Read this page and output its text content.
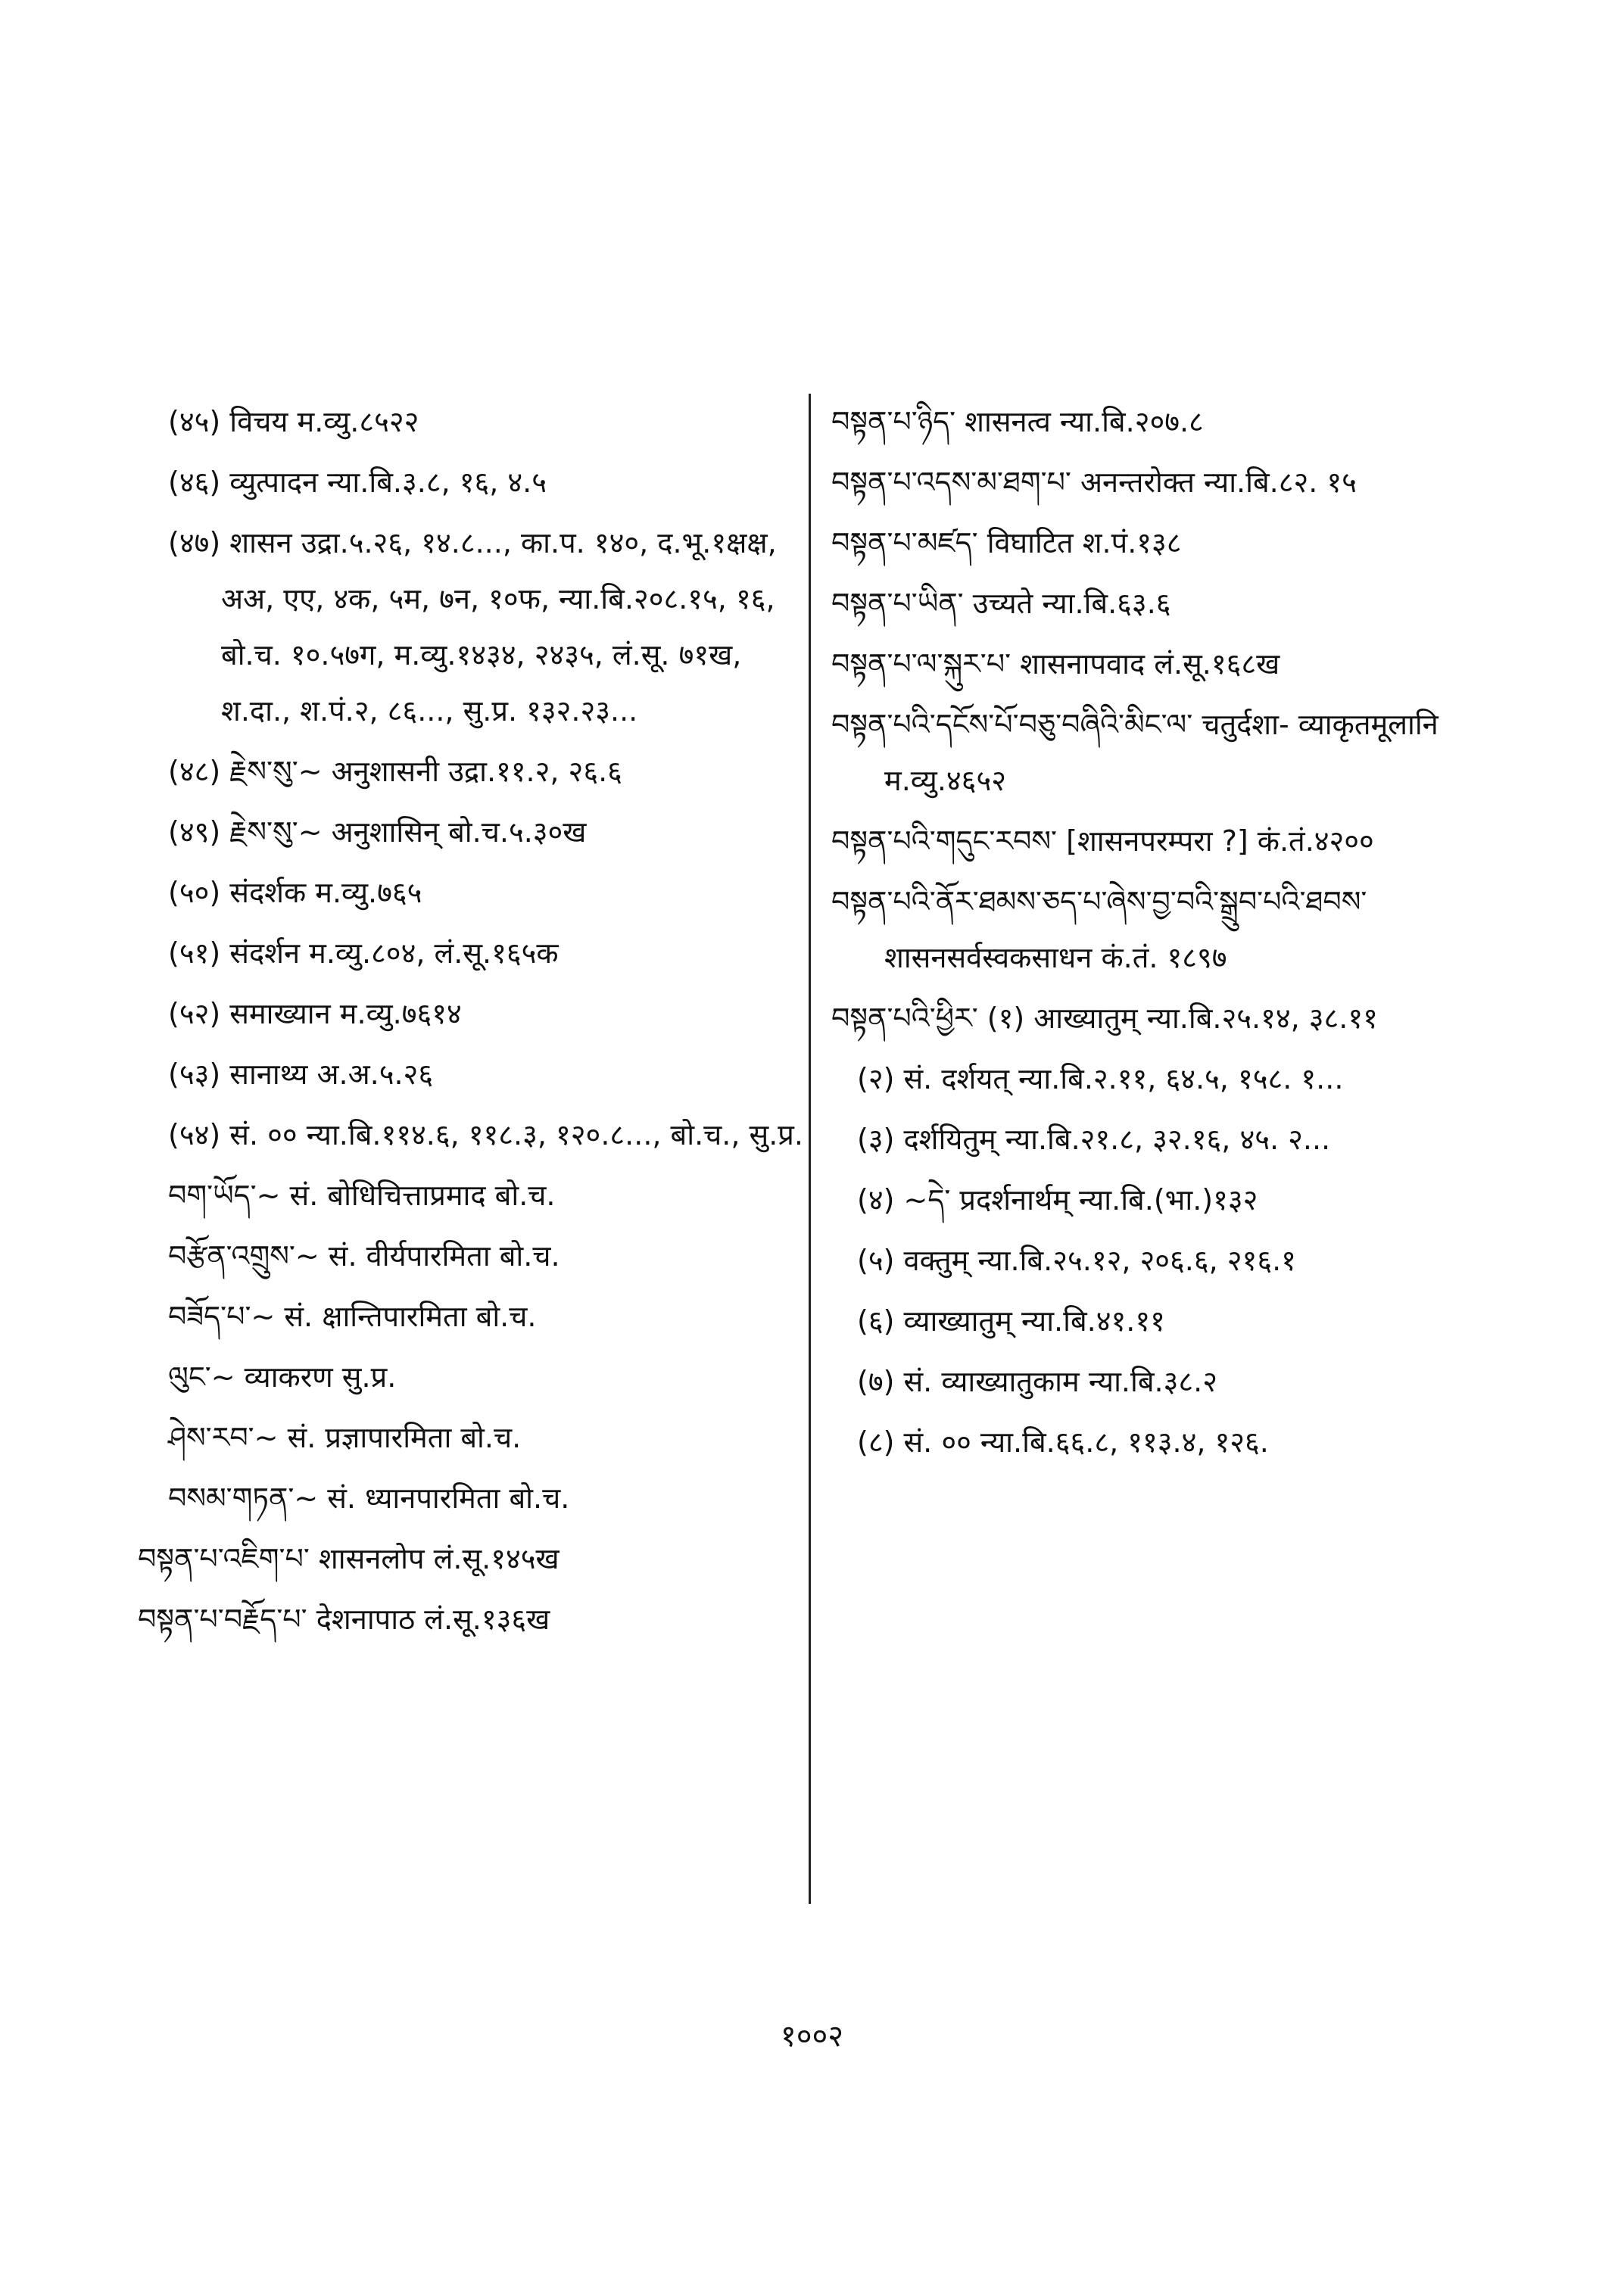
(४५) विचय म.व्यु.८५२२
(४६) व्युत्पादन न्या.बि.३.८, १६, ४.५
(४७) शासन उद्रा.५.२६, १४.८..., का.प. १४०, द.भू.१क्षक्ष, अअ, एए, ४क, ५म, ७न, १०फ, न्या.बि.२०८.१५, १६, बो.च. १०.५७ग, म.व्यु.१४३४, २४३५, लं.सू. ७१ख, श.दा., श.पं.२, ८६..., सु.प्र. १३२.२३...
(४८) རྗེས་སུ་~ अनुशासनी उद्रा.११.२, २६.६
(४९) རྗེས་སུ་~ अनुशासिन् बो.च.५.३०ख
(५०) संदर्शक म.व्यु.७६५
(५१) संदर्शन म.व्यु.८०४, लं.सू.१६५क
(५२) समाख्यान म.व्यु.७६१४
(५३) सानाथ्य अ.अ.५.२६
(५४) सं. ०० न्या.बि.११४.६, ११८.३, १२०.८..., बो.च., सु.प्र.
བག་ཡོད་~ सं. बोधिचित्ताप्रमाद बो.च.
བརྩོན་འགྲུས་~ सं. वीर्यपारमिता बो.च.
བཟོད་པ་~ सं. क्षान्तिपारमिता बो.च.
ལུང་~ व्याकरण सु.प्र.
ཤེས་རབ་~ सं. प्रज्ञापारमिता बो.च.
བསམ་གཏན་~ सं. ध्यानपारमिता बो.च.
བསྟན་པ་འཇིག་པ་ शासनलोप लं.सू.१४५ख
བསྟན་པ་བརྗོད་པ་ देशनापाठ लं.सू.१३६ख
བསྟན་པ་ཉིད་ शासनत्व न्या.बि.२०७.८
བསྟན་པ་འདས་མ་ཐག་པ་ अनन्तरोक्त न्या.बि.८२. १५
བསྟན་པ་མཛད་ विघाटित श.पं.१३८
བསྟན་པ་ཡིན་ उच्यते न्या.बि.६३.६
བསྟན་པ་ལ་སྐུར་པ་ शासनापवाद लं.सू.१६८ख
བསྟན་པའི་དངོས་པོ་བཅུ་བཞིའི་མིང་ལ་ चतुर्दशा- व्याकृतमूलानि म.व्यु.४६५२
བསྟན་པའི་གདུང་རབས་ [शासनपरम्परा ?] कं.तं.४२००
བསྟན་པའི་ནོར་ཐམས་ཅད་པ་ཞེས་བྱ་བའི་སྒྲུབ་པའི་ཐབས་ शासनसर्वस्वकसाधन कं.तं. १८९७
བསྟན་པའི་ཕྱིར་ (१) आख्यातुम् न्या.बि.२५.१४, ३८.११
(२) सं. दर्शयत् न्या.बि.२.११, ६४.५, १५८. १...
(३) दर्शयितुम् न्या.बि.२१.८, ३२.१६, ४५. २...
(४) ~དེ་ प्रदर्शनार्थम् न्या.बि.(भा.)१३२
(५) वक्तुम् न्या.बि.२५.१२, २०६.६, २१६.१
(६) व्याख्यातुम् न्या.बि.४१.११
(७) सं. व्याख्यातुकाम न्या.बि.३८.२
(८) सं. ०० न्या.बि.६६.८, ११३.४, १२६.
१००२
